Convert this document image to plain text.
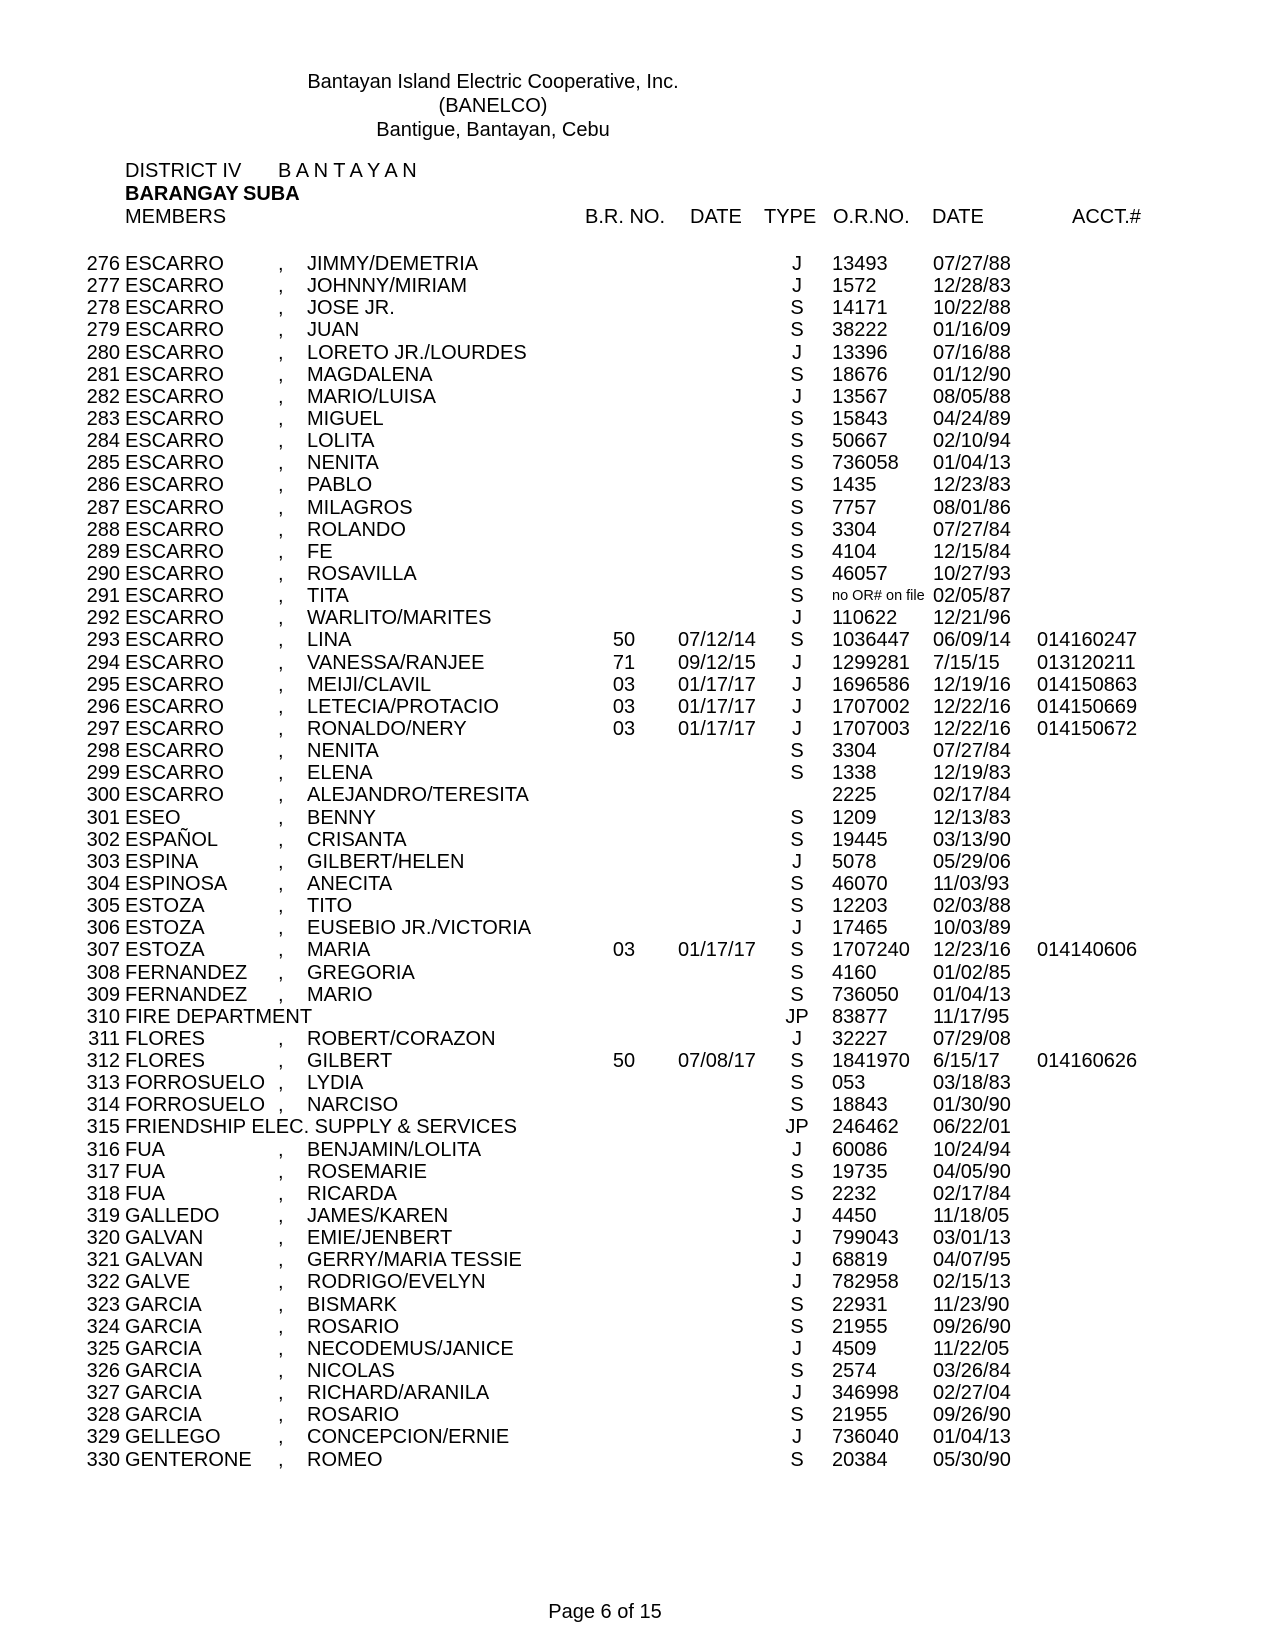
Bantayan Island Electric Cooperative, Inc.
(BANELCO)
Bantigue, Bantayan, Cebu
DISTRICT IV B A N T A Y A N
BARANGAY SUBA
MEMBERS	B.R. NO. DATE TYPE O.R.NO. DATE	ACCT.#
276 ESCARRO	,	JIMMY/DEMETRIA	J	13493	07/27/88
277 ESCARRO	,	JOHNNY/MIRIAM	J	1572	12/28/83
278 ESCARRO	,	JOSE JR.	S	14171	10/22/88
279 ESCARRO	,	JUAN	S	38222	01/16/09
280 ESCARRO	,	LORETO JR./LOURDES	J	13396	07/16/88
281 ESCARRO	,	MAGDALENA	S	18676	01/12/90
282 ESCARRO	,	MARIO/LUISA	J	13567	08/05/88
283 ESCARRO	,	MIGUEL	S	15843	04/24/89
284 ESCARRO	,	LOLITA	S	50667	02/10/94
285 ESCARRO	,	NENITA	S	736058	01/04/13
286 ESCARRO	,	PABLO	S	1435	12/23/83
287 ESCARRO	,	MILAGROS	S	7757	08/01/86
288 ESCARRO	,	ROLANDO	S	3304	07/27/84
289 ESCARRO	,	FE	S	4104	12/15/84
290 ESCARRO	,	ROSAVILLA	S	46057	10/27/93
291 ESCARRO	,	TITA	S	no OR# on file 02/05/87
292 ESCARRO	,	WARLITO/MARITES	J	110622	12/21/96
293 ESCARRO	,	LINA	50	07/12/14	S	1036447	06/09/14	014160247
294 ESCARRO	,	VANESSA/RANJEE	71	09/12/15	J	1299281	7/15/15	013120211
295 ESCARRO	,	MEIJI/CLAVIL	03	01/17/17	J	1696586	12/19/16	014150863
296 ESCARRO	,	LETECIA/PROTACIO	03	01/17/17	J	1707002	12/22/16	014150669
297 ESCARRO	,	RONALDO/NERY	03	01/17/17	J	1707003	12/22/16	014150672
298 ESCARRO	,	NENITA	S	3304	07/27/84
299 ESCARRO	,	ELENA	S	1338	12/19/83
300 ESCARRO	,	ALEJANDRO/TERESITA	2225	02/17/84
301 ESEO	,	BENNY	S	1209	12/13/83
302 ESPAÑOL	,	CRISANTA	S	19445	03/13/90
303 ESPINA	,	GILBERT/HELEN	J	5078	05/29/06
304 ESPINOSA	,	ANECITA	S	46070	11/03/93
305 ESTOZA	,	TITO	S	12203	02/03/88
306 ESTOZA	,	EUSEBIO JR./VICTORIA	J	17465	10/03/89
307 ESTOZA	,	MARIA	03	01/17/17	S	1707240	12/23/16	014140606
308 FERNANDEZ	,	GREGORIA	S	4160	01/02/85
309 FERNANDEZ	,	MARIO	S	736050	01/04/13
310 FIRE DEPARTMENT	JP	83877	11/17/95
311 FLORES	,	ROBERT/CORAZON	J	32227	07/29/08
312 FLORES	,	GILBERT	50	07/08/17	S	1841970	6/15/17	014160626
313 FORROSUELO ,	LYDIA	S	053	03/18/83
314 FORROSUELO ,	NARCISO	S	18843	01/30/90
315 FRIENDSHIP ELEC. SUPPLY & SERVICES	JP	246462	06/22/01
316 FUA	,	BENJAMIN/LOLITA	J	60086	10/24/94
317 FUA	,	ROSEMARIE	S	19735	04/05/90
318 FUA	,	RICARDA	S	2232	02/17/84
319 GALLEDO	,	JAMES/KAREN	J	4450	11/18/05
320 GALVAN	,	EMIE/JENBERT	J	799043	03/01/13
321 GALVAN	,	GERRY/MARIA TESSIE	J	68819	04/07/95
322 GALVE	,	RODRIGO/EVELYN	J	782958	02/15/13
323 GARCIA	,	BISMARK	S	22931	11/23/90
324 GARCIA	,	ROSARIO	S	21955	09/26/90
325 GARCIA	,	NECODEMUS/JANICE	J	4509	11/22/05
326 GARCIA	,	NICOLAS	S	2574	03/26/84
327 GARCIA	,	RICHARD/ARANILA	J	346998	02/27/04
328 GARCIA	,	ROSARIO	S	21955	09/26/90
329 GELLEGO	,	CONCEPCION/ERNIE	J	736040	01/04/13
330 GENTERONE	,	ROMEO	S	20384	05/30/90
Page 6 of 15
